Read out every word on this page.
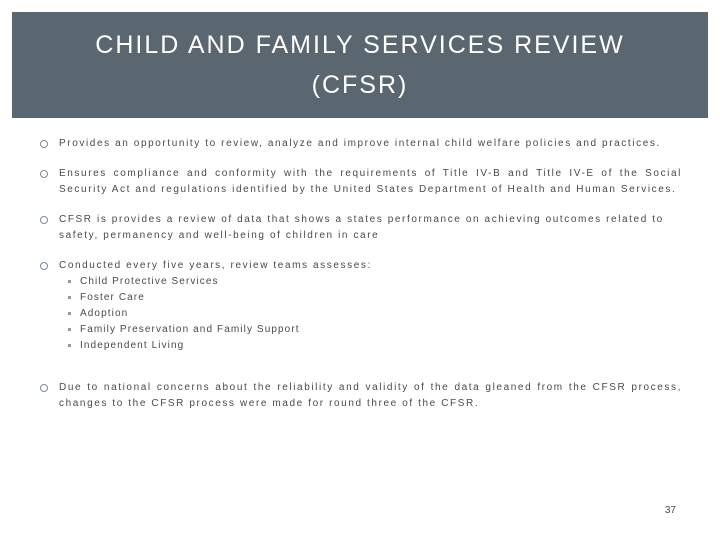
CHILD AND FAMILY SERVICES REVIEW (CFSR)
Provides an opportunity to review, analyze and improve internal child welfare policies and practices.
Ensures compliance and conformity with the requirements of Title IV-B and Title IV-E of the Social Security Act and regulations identified by the United States Department of Health and Human Services.
CFSR is provides a review of data that shows a states performance on achieving outcomes related to safety, permanency and well-being of children in care
Conducted every five years, review teams assesses:
Child Protective Services
Foster Care
Adoption
Family Preservation and Family Support
Independent Living
Due to national concerns about the reliability and validity of the data gleaned from the CFSR process, changes to the CFSR process were made for round three of the CFSR.
37
